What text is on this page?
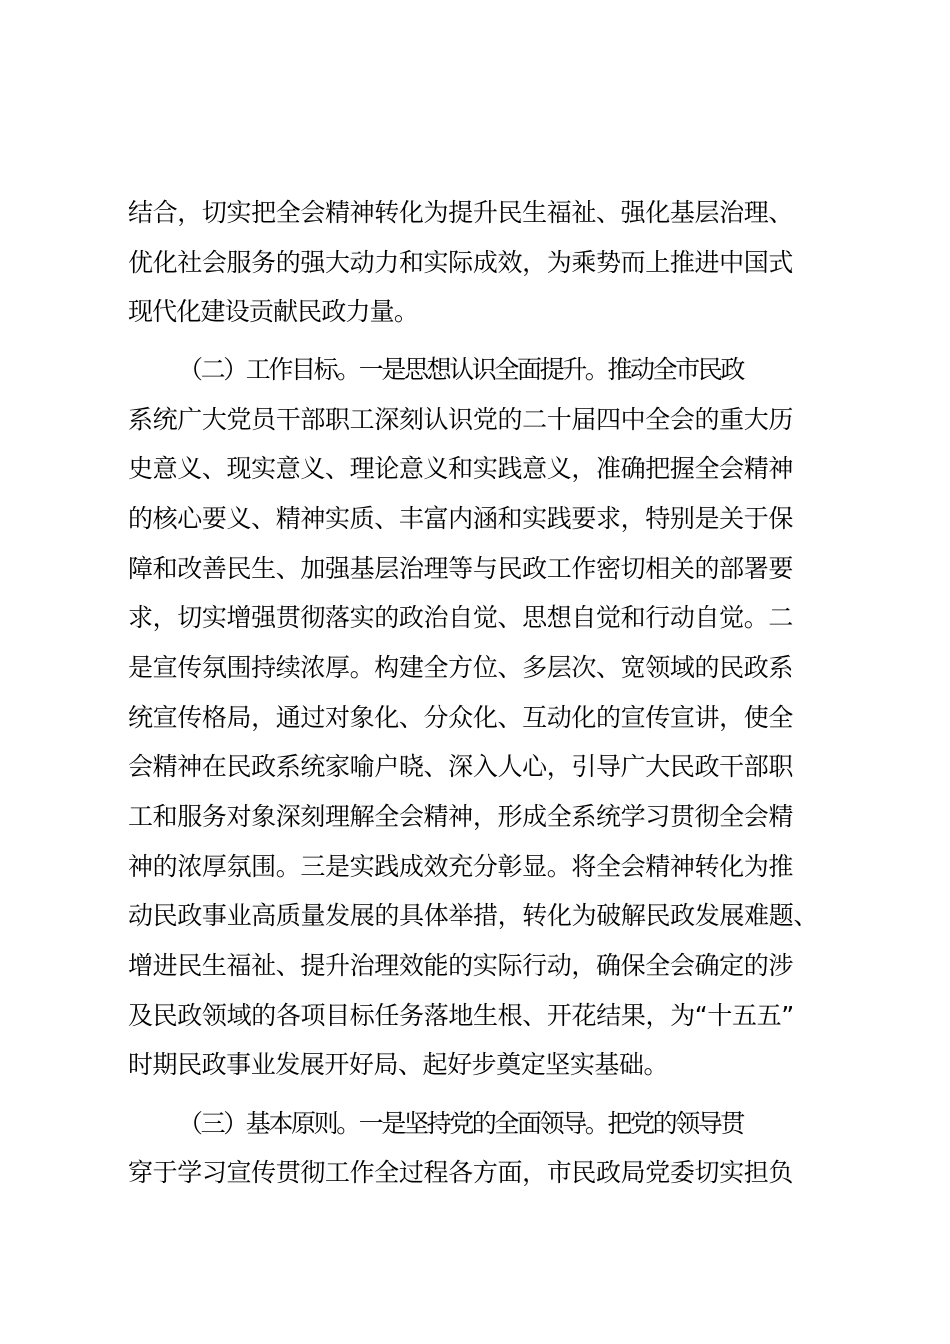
结合，切实把全会精神转化为提升民生福祉、强化基层治理、
优化社会服务的强大动力和实际成效，为乘势而上推进中国式
现代化建设贡献民政力量。
（二）工作目标。一是思想认识全面提升。推动全市民政
系统广大党员干部职工深刻认识党的二十届四中全会的重大历
史意义、现实意义、理论意义和实践意义，准确把握全会精神
的核心要义、精神实质、丰富内涵和实践要求，特别是关于保
障和改善民生、加强基层治理等与民政工作密切相关的部署要
求，切实增强贯彻落实的政治自觉、思想自觉和行动自觉。二
是宣传氛围持续浓厚。构建全方位、多层次、宽领域的民政系
统宣传格局，通过对象化、分众化、互动化的宣传宣讲，使全
会精神在民政系统家喻户晓、深入人心，引导广大民政干部职
工和服务对象深刻理解全会精神，形成全系统学习贯彻全会精
神的浓厚氛围。三是实践成效充分彰显。将全会精神转化为推
动民政事业高质量发展的具体举措，转化为破解民政发展难题、
增进民生福祉、提升治理效能的实际行动，确保全会确定的涉
及民政领域的各项目标任务落地生根、开花结果，为“十五五”
时期民政事业发展开好局、起好步奠定坚实基础。
（三）基本原则。一是坚持党的全面领导。把党的领导贯
穿于学习宣传贯彻工作全过程各方面，市民政局党委切实担负
